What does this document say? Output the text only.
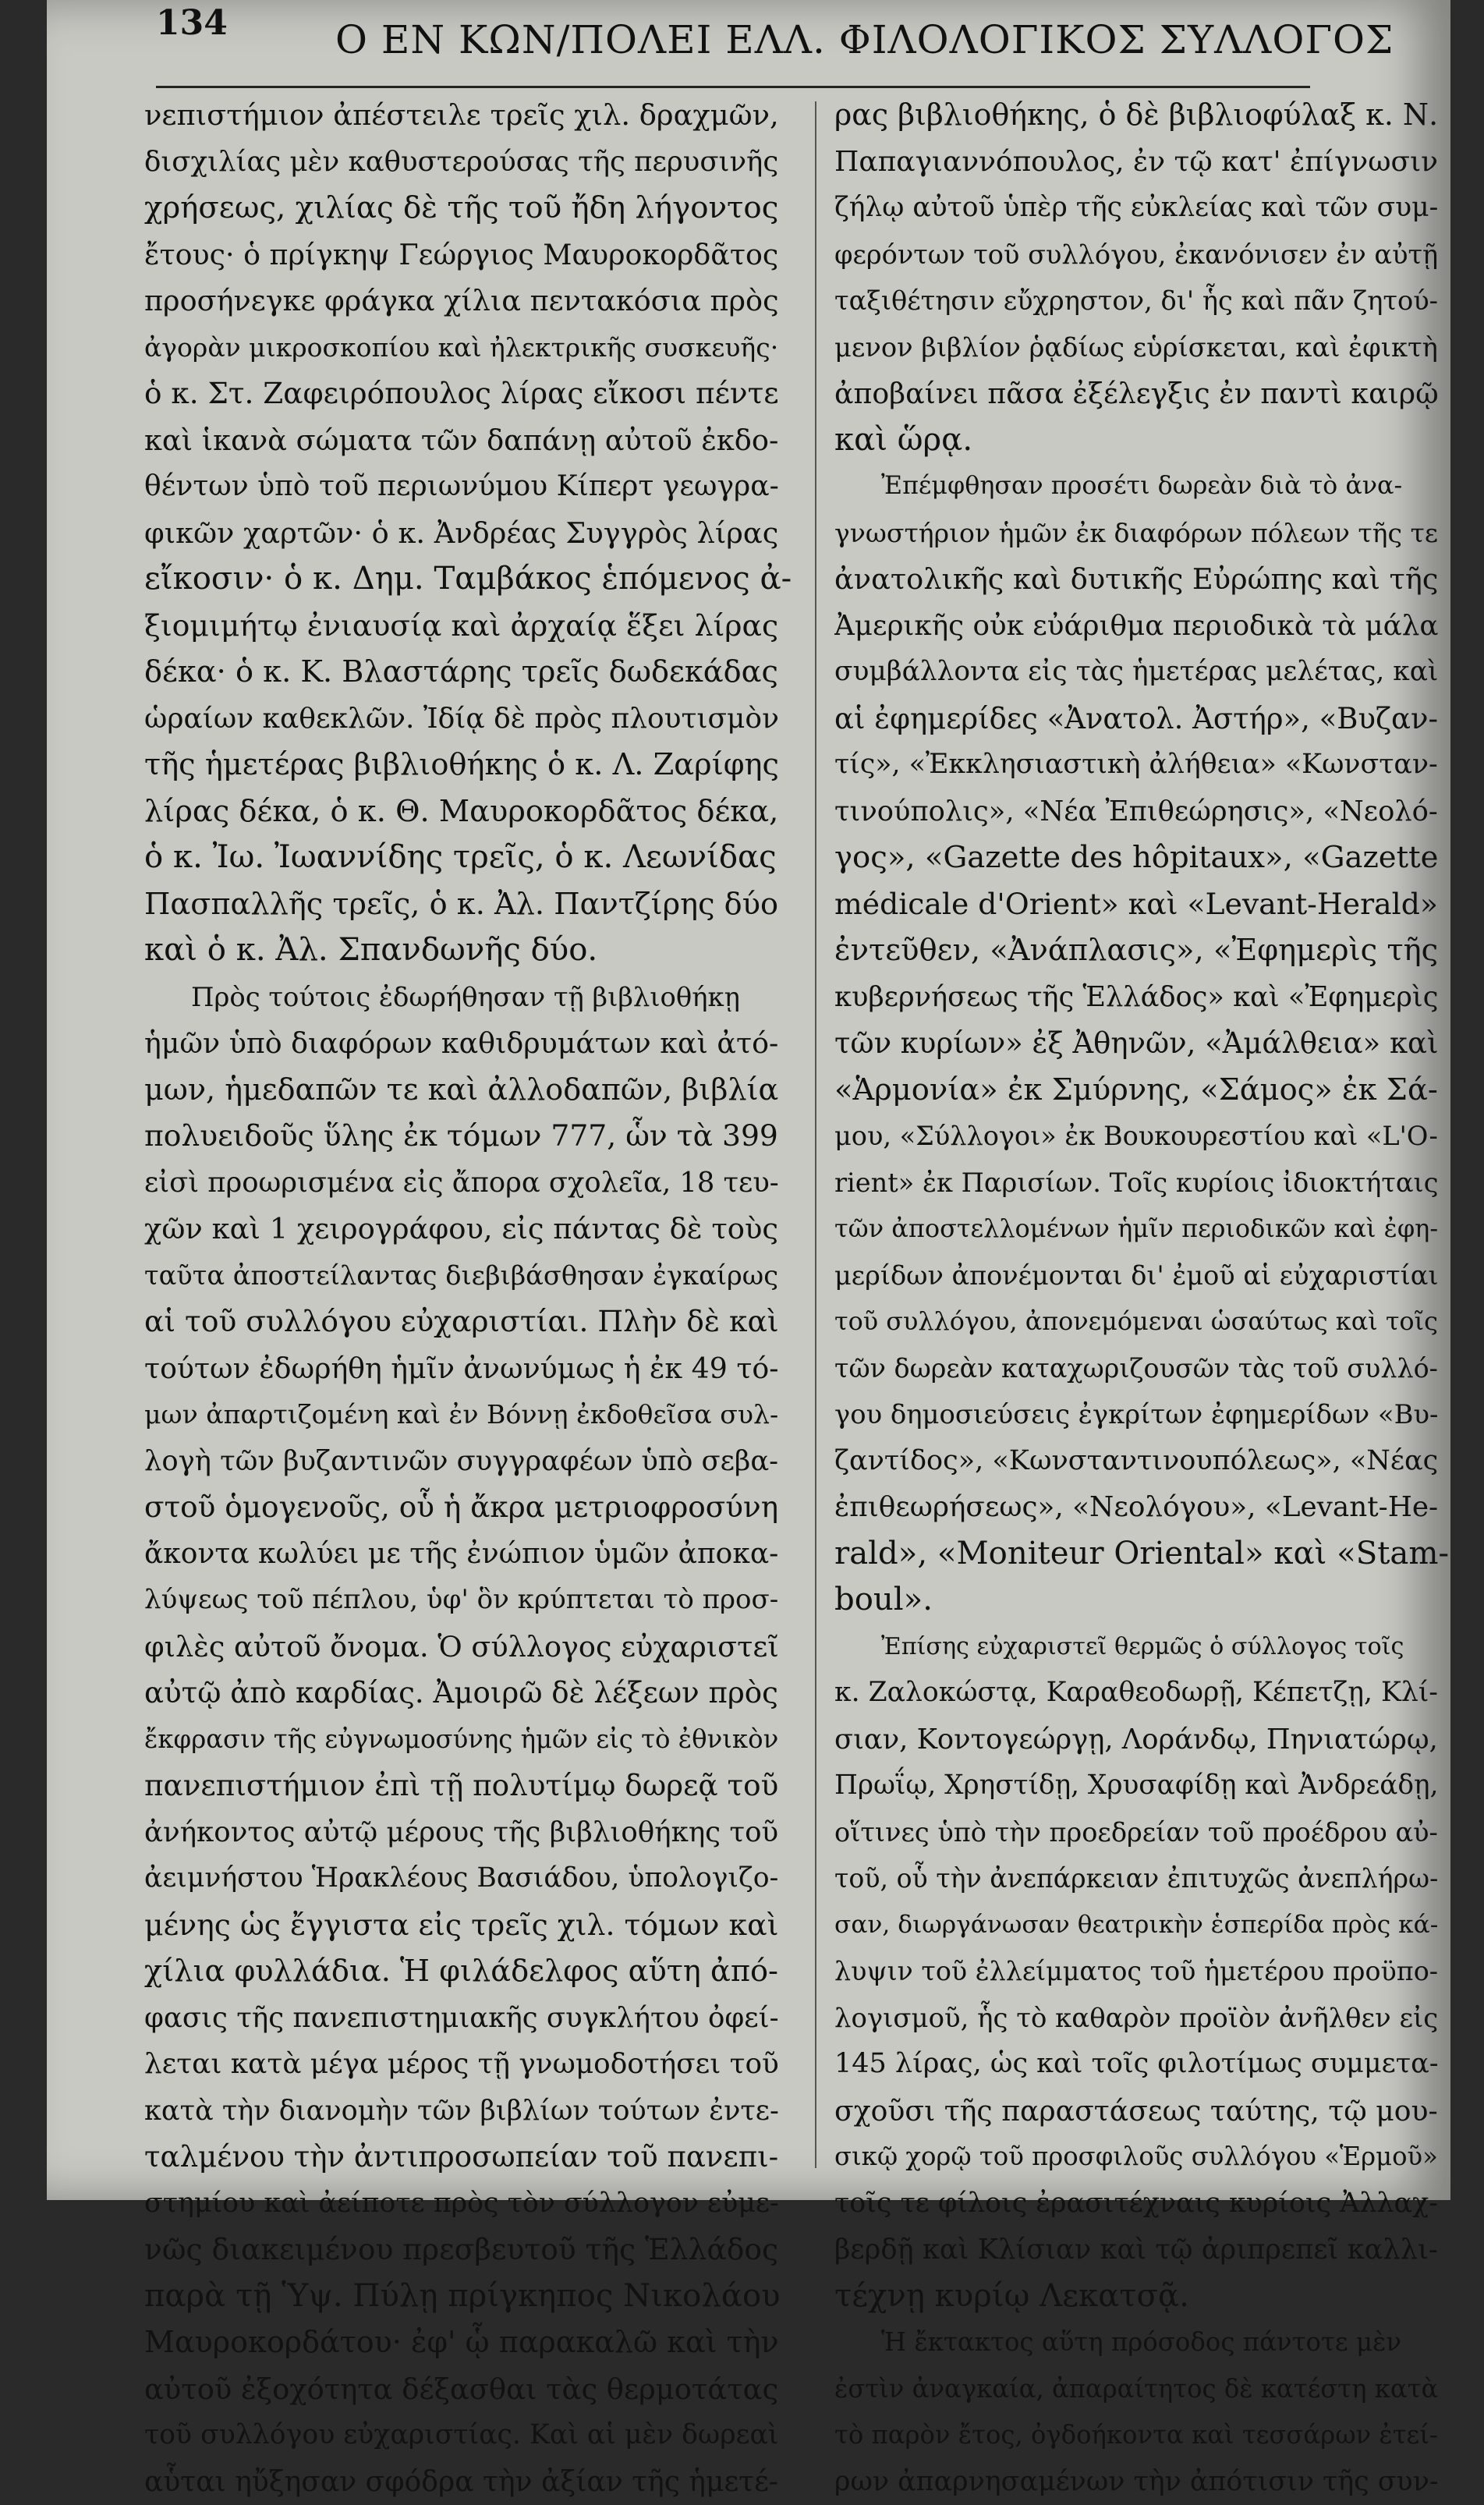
134	Ο ΕΝ ΚΩΝ/ΠΟΛΕΙ ΕΛΛ. ΦΙΛΟΛΟΓΙΚΟΣ ΣΥΛΛΟΓΟΣ
νεπιστήμιον ἀπέστειλε τρεῖς χιλ. δραχμῶν,
δισχιλίας μὲν καθυστερούσας τῆς περυσινῆς
χρήσεως, χιλίας δὲ τῆς τοῦ ἤδη λήγοντος
ἔτους· ὁ πρίγκηψ Γεώργιος Μαυροκορδᾶτος
προσήνεγκε φράγκα χίλια πεντακόσια πρὸς
ἀγορὰν μικροσκοπίου καὶ ἠλεκτρικῆς συσκευῆς·
ὁ κ. Στ. Ζαφειρόπουλος λίρας εἴκοσι πέντε
καὶ ἱκανὰ σώματα τῶν δαπάνῃ αὐτοῦ ἐκδο-
θέντων ὑπὸ τοῦ περιωνύμου Κίπερτ γεωγρα-
φικῶν χαρτῶν· ὁ κ. Ἀνδρέας Συγγρὸς λίρας
εἴκοσιν· ὁ κ. Δημ. Ταμβάκος ἑπόμενος ἀ-
ξιομιμήτῳ ἐνιαυσίᾳ καὶ ἀρχαίᾳ ἕξει λίρας
δέκα· ὁ κ. Κ. Βλαστάρης τρεῖς δωδεκάδας
ὡραίων καθεκλῶν. Ἰδίᾳ δὲ πρὸς πλουτισμὸν
τῆς ἡμετέρας βιβλιοθήκης ὁ κ. Λ. Ζαρίφης
λίρας δέκα, ὁ κ. Θ. Μαυροκορδᾶτος δέκα,
ὁ κ. Ἰω. Ἰωαννίδης τρεῖς, ὁ κ. Λεωνίδας
Πασπαλλῆς τρεῖς, ὁ κ. Ἀλ. Παντζίρης δύο
καὶ ὁ κ. Ἀλ. Σπανδωνῆς δύο.
Πρὸς τούτοις ἐδωρήθησαν τῇ βιβλιοθήκῃ
ἡμῶν ὑπὸ διαφόρων καθιδρυμάτων καὶ ἀτό-
μων, ἡμεδαπῶν τε καὶ ἀλλοδαπῶν, βιβλία
πολυειδοῦς ὕλης ἐκ τόμων 777, ὧν τὰ 399
εἰσὶ προωρισμένα εἰς ἄπορα σχολεῖα, 18 τευ-
χῶν καὶ 1 χειρογράφου, εἰς πάντας δὲ τοὺς
ταῦτα ἀποστείλαντας διεβιβάσθησαν ἐγκαίρως
αἱ τοῦ συλλόγου εὐχαριστίαι. Πλὴν δὲ καὶ
τούτων ἐδωρήθη ἡμῖν ἀνωνύμως ἡ ἐκ 49 τό-
μων ἀπαρτιζομένη καὶ ἐν Βόννῃ ἐκδοθεῖσα συλ-
λογὴ τῶν βυζαντινῶν συγγραφέων ὑπὸ σεβα-
στοῦ ὁμογενοῦς, οὗ ἡ ἄκρα μετριοφροσύνη
ἄκοντα κωλύει με τῆς ἐνώπιον ὑμῶν ἀποκα-
λύψεως τοῦ πέπλου, ὑφ' ὃν κρύπτεται τὸ προσ-
φιλὲς αὐτοῦ ὄνομα. Ὁ σύλλογος εὐχαριστεῖ
αὐτῷ ἀπὸ καρδίας. Ἀμοιρῶ δὲ λέξεων πρὸς
ἔκφρασιν τῆς εὐγνωμοσύνης ἡμῶν εἰς τὸ ἐθνικὸν
πανεπιστήμιον ἐπὶ τῇ πολυτίμῳ δωρεᾷ τοῦ
ἀνήκοντος αὐτῷ μέρους τῆς βιβλιοθήκης τοῦ
ἀειμνήστου Ἡρακλέους Βασιάδου, ὑπολογιζο-
μένης ὡς ἔγγιστα εἰς τρεῖς χιλ. τόμων καὶ
χίλια φυλλάδια. Ἡ φιλάδελφος αὕτη ἀπό-
φασις τῆς πανεπιστημιακῆς συγκλήτου ὀφεί-
λεται κατὰ μέγα μέρος τῇ γνωμοδοτήσει τοῦ
κατὰ τὴν διανομὴν τῶν βιβλίων τούτων ἐντε-
ταλμένου τὴν ἀντιπροσωπείαν τοῦ πανεπι-
στημίου καὶ ἀείποτε πρὸς τὸν σύλλογον εὐμε-
νῶς διακειμένου πρεσβευτοῦ τῆς Ἑλλάδος
παρὰ τῇ Ὑψ. Πύλῃ πρίγκηπος Νικολάου
Μαυροκορδάτου· ἐφ' ᾧ παρακαλῶ καὶ τὴν
αὐτοῦ ἐξοχότητα δέξασθαι τὰς θερμοτάτας
τοῦ συλλόγου εὐχαριστίας. Καὶ αἱ μὲν δωρεαὶ
αὗται ηὔξησαν σφόδρα τὴν ἀξίαν τῆς ἡμετέ-
ρας βιβλιοθήκης, ὁ δὲ βιβλιοφύλαξ κ. Ν.
Παπαγιαννόπουλος, ἐν τῷ κατ' ἐπίγνωσιν
ζήλῳ αὐτοῦ ὑπὲρ τῆς εὐκλείας καὶ τῶν συμ-
φερόντων τοῦ συλλόγου, ἐκανόνισεν ἐν αὐτῇ
ταξιθέτησιν εὔχρηστον, δι' ἧς καὶ πᾶν ζητού-
μενον βιβλίον ῥᾳδίως εὑρίσκεται, καὶ ἐφικτὴ
ἀποβαίνει πᾶσα ἐξέλεγξις ἐν παντὶ καιρῷ
καὶ ὥρᾳ.
Ἐπέμφθησαν προσέτι δωρεὰν διὰ τὸ ἀνα-
γνωστήριον ἡμῶν ἐκ διαφόρων πόλεων τῆς τε
ἀνατολικῆς καὶ δυτικῆς Εὐρώπης καὶ τῆς
Ἀμερικῆς οὐκ εὐάριθμα περιοδικὰ τὰ μάλα
συμβάλλοντα εἰς τὰς ἡμετέρας μελέτας, καὶ
αἱ ἐφημερίδες «Ἀνατολ. Ἀστήρ», «Βυζαν-
τίς», «Ἐκκλησιαστικὴ ἀλήθεια» «Κωνσταν-
τινούπολις», «Νέα Ἐπιθεώρησις», «Νεολό-
γος», «Gazette des hôpitaux», «Gazette
médicale d'Orient» καὶ «Levant-Herald»
ἐντεῦθεν, «Ἀνάπλασις», «Ἐφημερὶς τῆς
κυβερνήσεως τῆς Ἑλλάδος» καὶ «Ἐφημερὶς
τῶν κυρίων» ἐξ Ἀθηνῶν, «Ἀμάλθεια» καὶ
«Ἁρμονία» ἐκ Σμύρνης, «Σάμος» ἐκ Σά-
μου, «Σύλλογοι» ἐκ Βουκουρεστίου καὶ «L'O-
rient» ἐκ Παρισίων. Τοῖς κυρίοις ἰδιοκτήταις
τῶν ἀποστελλομένων ἡμῖν περιοδικῶν καὶ ἐφη-
μερίδων ἀπονέμονται δι' ἐμοῦ αἱ εὐχαριστίαι
τοῦ συλλόγου, ἀπονεμόμεναι ὡσαύτως καὶ τοῖς
τῶν δωρεὰν καταχωριζουσῶν τὰς τοῦ συλλό-
γου δημοσιεύσεις ἐγκρίτων ἐφημερίδων «Βυ-
ζαντίδος», «Κωνσταντινουπόλεως», «Νέας
ἐπιθεωρήσεως», «Νεολόγου», «Levant-He-
rald», «Moniteur Oriental» καὶ «Stam-
boul».
Ἐπίσης εὐχαριστεῖ θερμῶς ὁ σύλλογος τοῖς
κ. Ζαλοκώστᾳ, Καραθεοδωρῇ, Κέπετζῃ, Κλί-
σιαν, Κοντογεώργῃ, Λοράνδῳ, Πηνιατώρῳ,
Πρωΐῳ, Χρηστίδῃ, Χρυσαφίδῃ καὶ Ἀνδρεάδῃ,
οἵτινες ὑπὸ τὴν προεδρείαν τοῦ προέδρου αὐ-
τοῦ, οὗ τὴν ἀνεπάρκειαν ἐπιτυχῶς ἀνεπλήρω-
σαν, διωργάνωσαν θεατρικὴν ἑσπερίδα πρὸς κά-
λυψιν τοῦ ἐλλείμματος τοῦ ἡμετέρου προϋπο-
λογισμοῦ, ἧς τὸ καθαρὸν προϊὸν ἀνῆλθεν εἰς
145 λίρας, ὡς καὶ τοῖς φιλοτίμως συμμετα-
σχοῦσι τῆς παραστάσεως ταύτης, τῷ μου-
σικῷ χορῷ τοῦ προσφιλοῦς συλλόγου «Ἑρμοῦ»
τοῖς τε φίλοις ἐρασιτέχναις κυρίοις Ἀλλαχ-
βερδῇ καὶ Κλίσιαν καὶ τῷ ἀριπρεπεῖ καλλι-
τέχνῃ κυρίῳ Λεκατσᾷ.
Ἡ ἔκτακτος αὕτη πρόσοδος πάντοτε μὲν
ἐστὶν ἀναγκαία, ἀπαραίτητος δὲ κατέστη κατὰ
τὸ παρὸν ἔτος, ὀγδοήκοντα καὶ τεσσάρων ἐτεί-
ρων ἀπαρνησαμένων τὴν ἀπότισιν τῆς συν-
